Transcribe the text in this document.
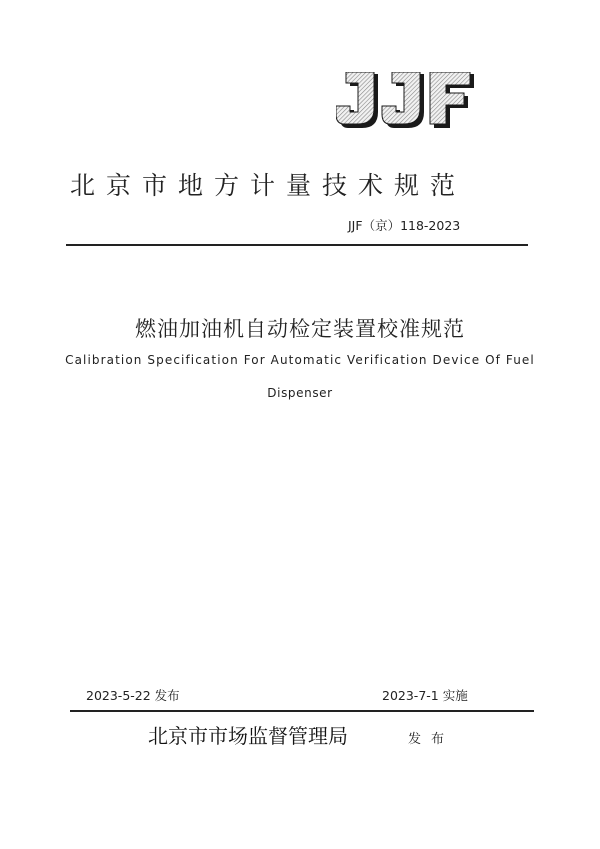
北京市地方计量技术规范
JJF（京）118-2023
燃油加油机自动检定装置校准规范
Calibration Specification For Automatic Verification Device Of Fuel
Dispenser
2023-5-22 发布	2023-7-1 实施
北京市市场监督管理局	发布
